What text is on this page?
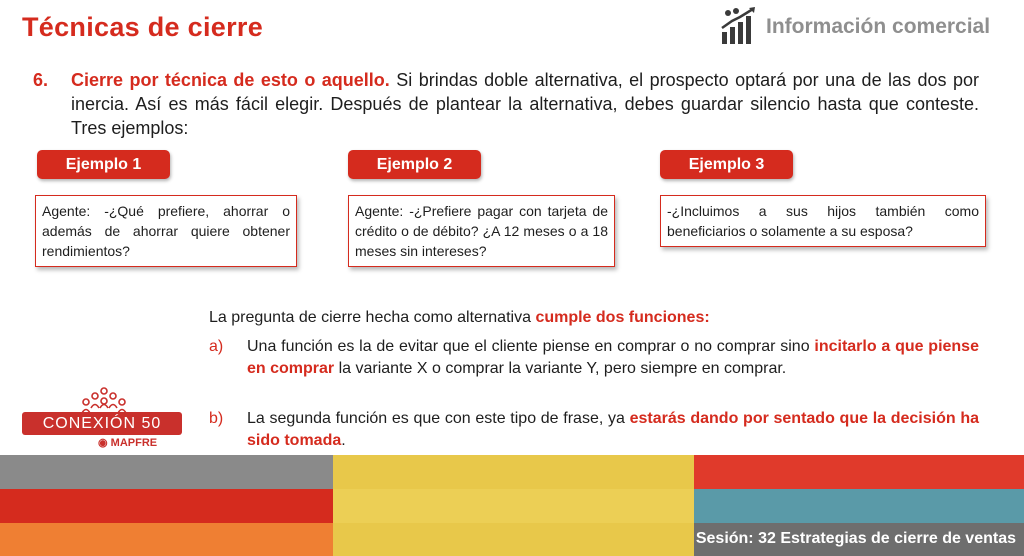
Técnicas de cierre	Información comercial
6. Cierre por técnica de esto o aquello. Si brindas doble alternativa, el prospecto optará por una de las dos por inercia. Así es más fácil elegir. Después de plantear la alternativa, debes guardar silencio hasta que conteste. Tres ejemplos:
Ejemplo 1	Ejemplo 2	Ejemplo 3
Agente: -¿Qué prefiere, ahorrar o además de ahorrar quiere obtener rendimientos?
Agente: -¿Prefiere pagar con tarjeta de crédito o de débito? ¿A 12 meses o a 18 meses sin intereses?
-¿Incluimos a sus hijos también como beneficiarios o solamente a su esposa?
La pregunta de cierre hecha como alternativa cumple dos funciones:
a) Una función es la de evitar que el cliente piense en comprar o no comprar sino incitarlo a que piense en comprar la variante X o comprar la variante Y, pero siempre en comprar.
b) La segunda función es que con este tipo de frase, ya estarás dando por sentado que la decisión ha sido tomada.
CONEXIÓN 50
◉ MAPFRE
Sesión: 32 Estrategias de cierre de ventas
